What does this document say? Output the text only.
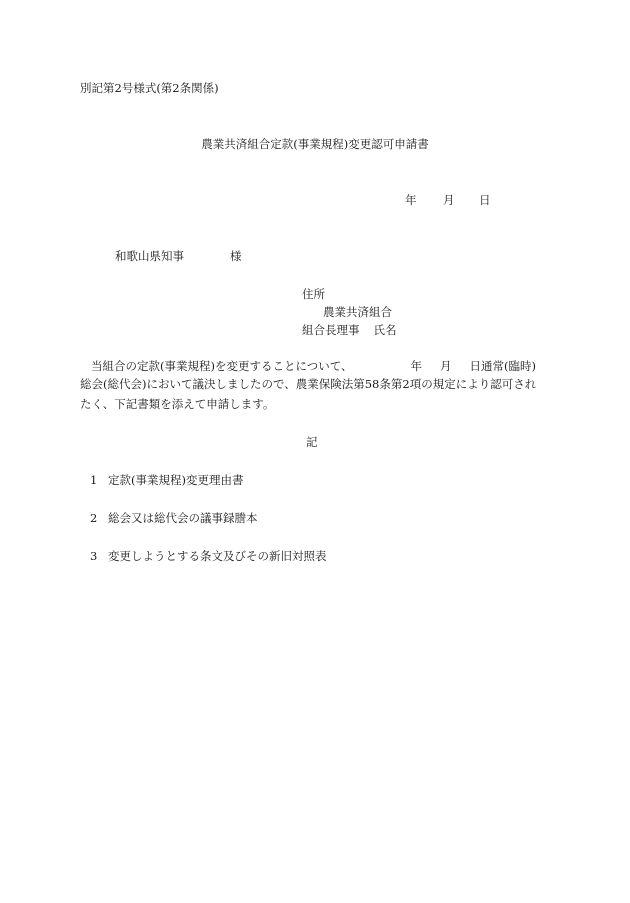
別記第2号様式(第2条関係)
農業共済組合定款(事業規程)変更認可申請書
年 月 日
和歌山県知事	様
住所
農業共済組合
組合長理事 氏名
当組合の定款(事業規程)を変更することについて、	年 月 日通常(臨時)
総会(総代会)において議決しましたので、農業保険法第58条第2項の規定により認可され
たく、下記書類を添えて申請します。
記
1 定款(事業規程)変更理由書
2 総会又は総代会の議事録謄本
3 変更しようとする条文及びその新旧対照表
